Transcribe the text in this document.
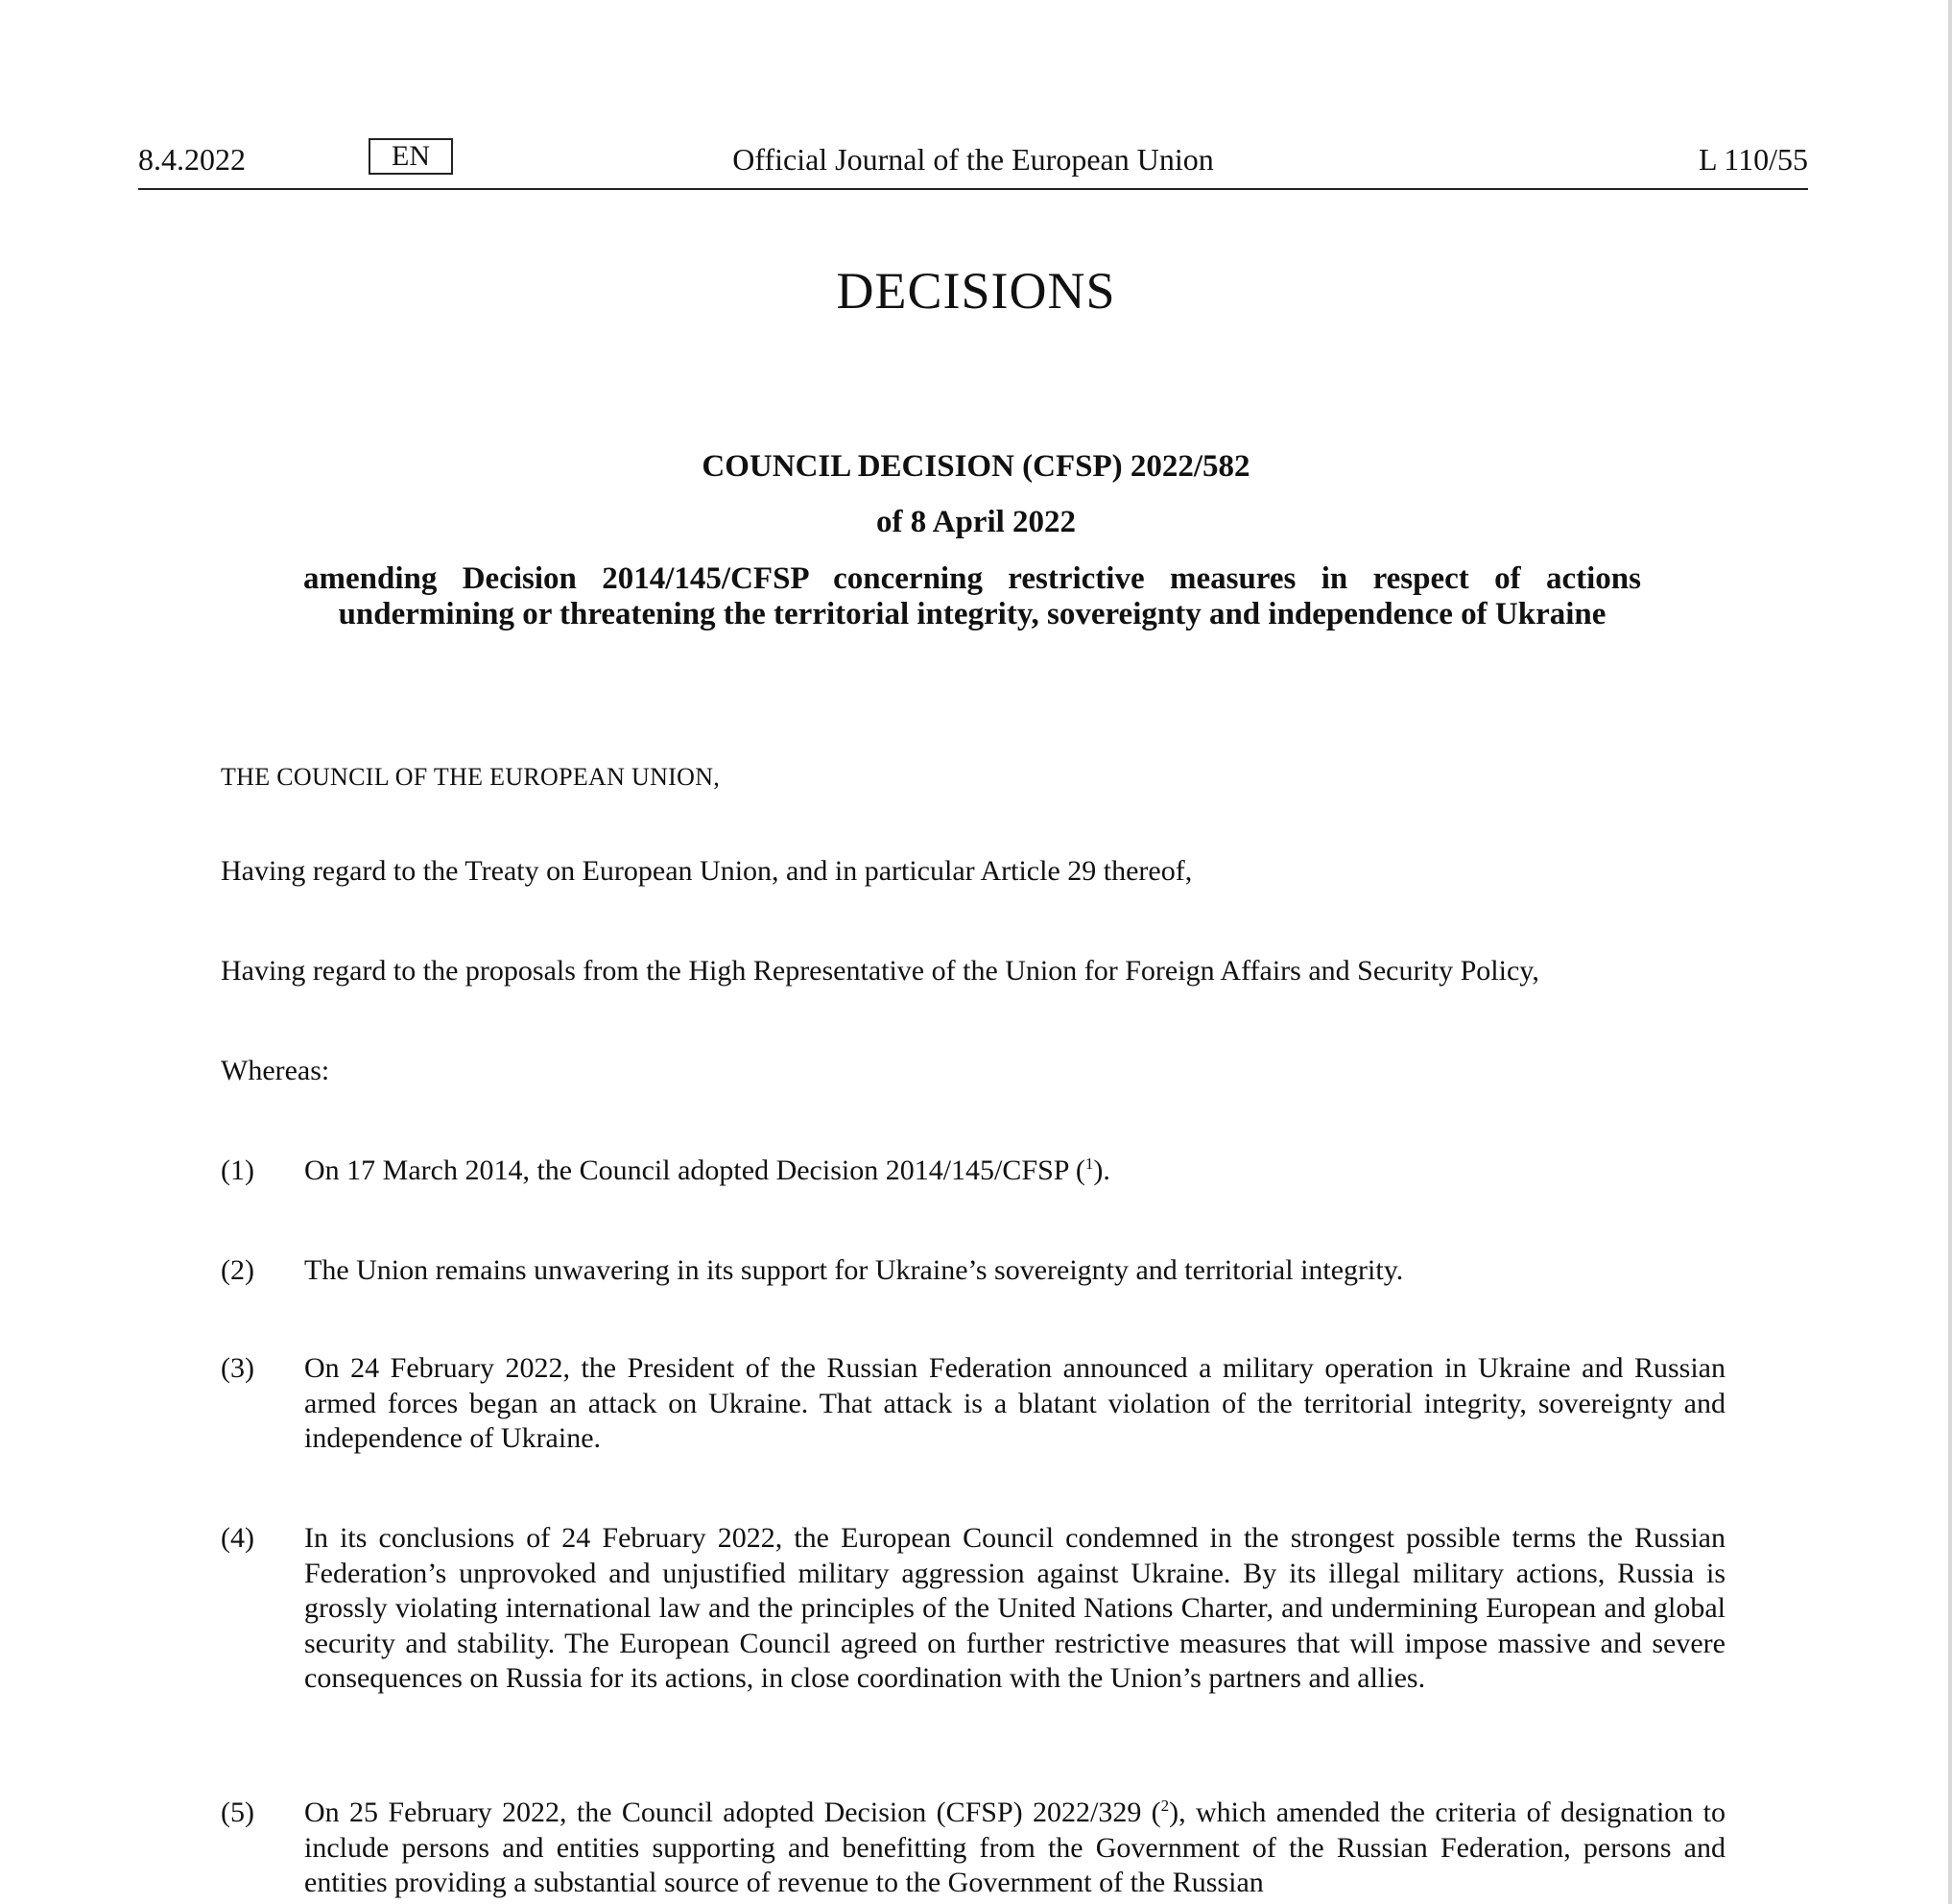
8.4.2022	EN	Official Journal of the European Union	L 110/55
DECISIONS
COUNCIL DECISION (CFSP) 2022/582
of 8 April 2022
amending Decision 2014/145/CFSP concerning restrictive measures in respect of actions undermining or threatening the territorial integrity, sovereignty and independence of Ukraine
THE COUNCIL OF THE EUROPEAN UNION,
Having regard to the Treaty on European Union, and in particular Article 29 thereof,
Having regard to the proposals from the High Representative of the Union for Foreign Affairs and Security Policy,
Whereas:
(1) On 17 March 2014, the Council adopted Decision 2014/145/CFSP ($^1$).
(2) The Union remains unwavering in its support for Ukraine’s sovereignty and territorial integrity.
(3) On 24 February 2022, the President of the Russian Federation announced a military operation in Ukraine and Russian armed forces began an attack on Ukraine. That attack is a blatant violation of the territorial integrity, sovereignty and independence of Ukraine.
(4) In its conclusions of 24 February 2022, the European Council condemned in the strongest possible terms the Russian Federation’s unprovoked and unjustified military aggression against Ukraine. By its illegal military actions, Russia is grossly violating international law and the principles of the United Nations Charter, and undermining European and global security and stability. The European Council agreed on further restrictive measures that will impose massive and severe consequences on Russia for its actions, in close coordination with the Union’s partners and allies.
(5) On 25 February 2022, the Council adopted Decision (CFSP) 2022/329 ($^2$), which amended the criteria of designation to include persons and entities supporting and benefitting from the Government of the Russian Federation, persons and entities providing a substantial source of revenue to the Government of the Russian
